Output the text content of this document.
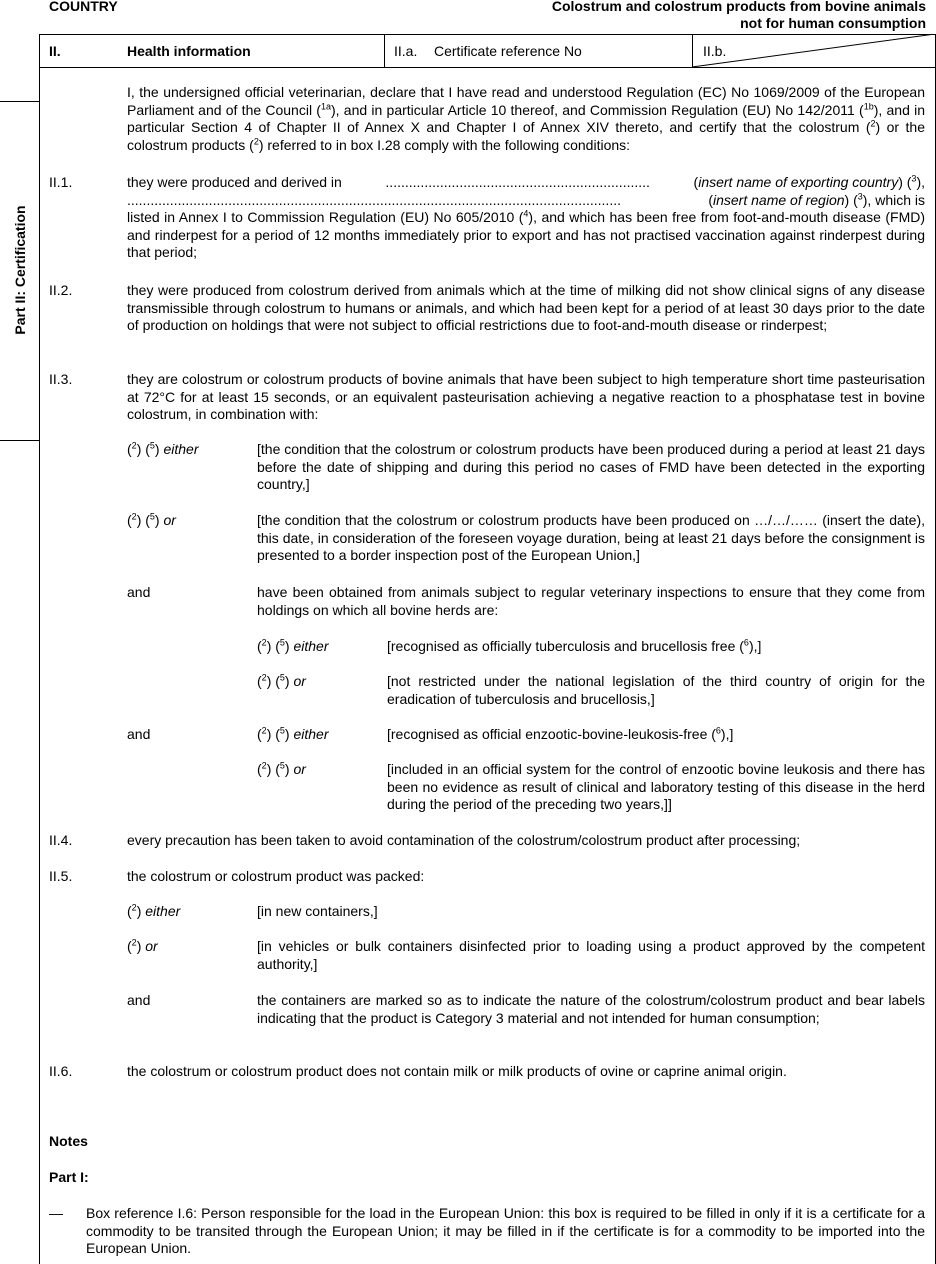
COUNTRY	Colostrum and colostrum products from bovine animals
not for human consumption
II.	Health information	II.a. Certificate reference No	II.b.
Part II: Certification
I, the undersigned official veterinarian, declare that I have read and understood Regulation (EC) No 1069/2009 of the European Parliament and of the Council ($^{1a}$), and in particular Article 10 thereof, and Commission Regulation (EU) No 142/2011 ($^{1b}$), and in particular Section 4 of Chapter II of Annex X and Chapter I of Annex XIV thereto, and certify that the colostrum ($^2$) or the colostrum products ($^2$) referred to in box I.28 comply with the following conditions:
II.1.	they were produced and derived in	....................................................................	(insert name of exporting country) ($^3$),
...............................................................................................................................	(insert name of region) ($^3$), which is
listed in Annex I to Commission Regulation (EU) No 605/2010 ($^4$), and which has been free from foot-and-mouth disease (FMD) and rinderpest for a period of 12 months immediately prior to export and has not practised vaccination against rinderpest during that period;
II.2.	they were produced from colostrum derived from animals which at the time of milking did not show clinical signs of any disease transmissible through colostrum to humans or animals, and which had been kept for a period of at least 30 days prior to the date of production on holdings that were not subject to official restrictions due to foot-and-mouth disease or rinderpest;
II.3.	they are colostrum or colostrum products of bovine animals that have been subject to high temperature short time pasteurisation at 72°C for at least 15 seconds, or an equivalent pasteurisation achieving a negative reaction to a phosphatase test in bovine colostrum, in combination with:
($^2$) ($^5$) either	[the condition that the colostrum or colostrum products have been produced during a period at least 21 days before the date of shipping and during this period no cases of FMD have been detected in the exporting country,]
($^2$) ($^5$) or	[the condition that the colostrum or colostrum products have been produced on …/…/…… (insert the date), this date, in consideration of the foreseen voyage duration, being at least 21 days before the consignment is presented to a border inspection post of the European Union,]
and	have been obtained from animals subject to regular veterinary inspections to ensure that they come from holdings on which all bovine herds are:
($^2$) ($^5$) either	[recognised as officially tuberculosis and brucellosis free ($^6$),]
($^2$) ($^5$) or	[not restricted under the national legislation of the third country of origin for the eradication of tuberculosis and brucellosis,]
and	($^2$) ($^5$) either	[recognised as official enzootic-bovine-leukosis-free ($^6$),]
($^2$) ($^5$) or	[included in an official system for the control of enzootic bovine leukosis and there has been no evidence as result of clinical and laboratory testing of this disease in the herd during the period of the preceding two years,]]
II.4.	every precaution has been taken to avoid contamination of the colostrum/colostrum product after processing;
II.5.	the colostrum or colostrum product was packed:
($^2$) either	[in new containers,]
($^2$) or	[in vehicles or bulk containers disinfected prior to loading using a product approved by the competent authority,]
and	the containers are marked so as to indicate the nature of the colostrum/colostrum product and bear labels indicating that the product is Category 3 material and not intended for human consumption;
II.6.	the colostrum or colostrum product does not contain milk or milk products of ovine or caprine animal origin.
Notes
Part I:
— Box reference I.6: Person responsible for the load in the European Union: this box is required to be filled in only if it is a certificate for a commodity to be transited through the European Union; it may be filled in if the certificate is for a commodity to be imported into the European Union.
